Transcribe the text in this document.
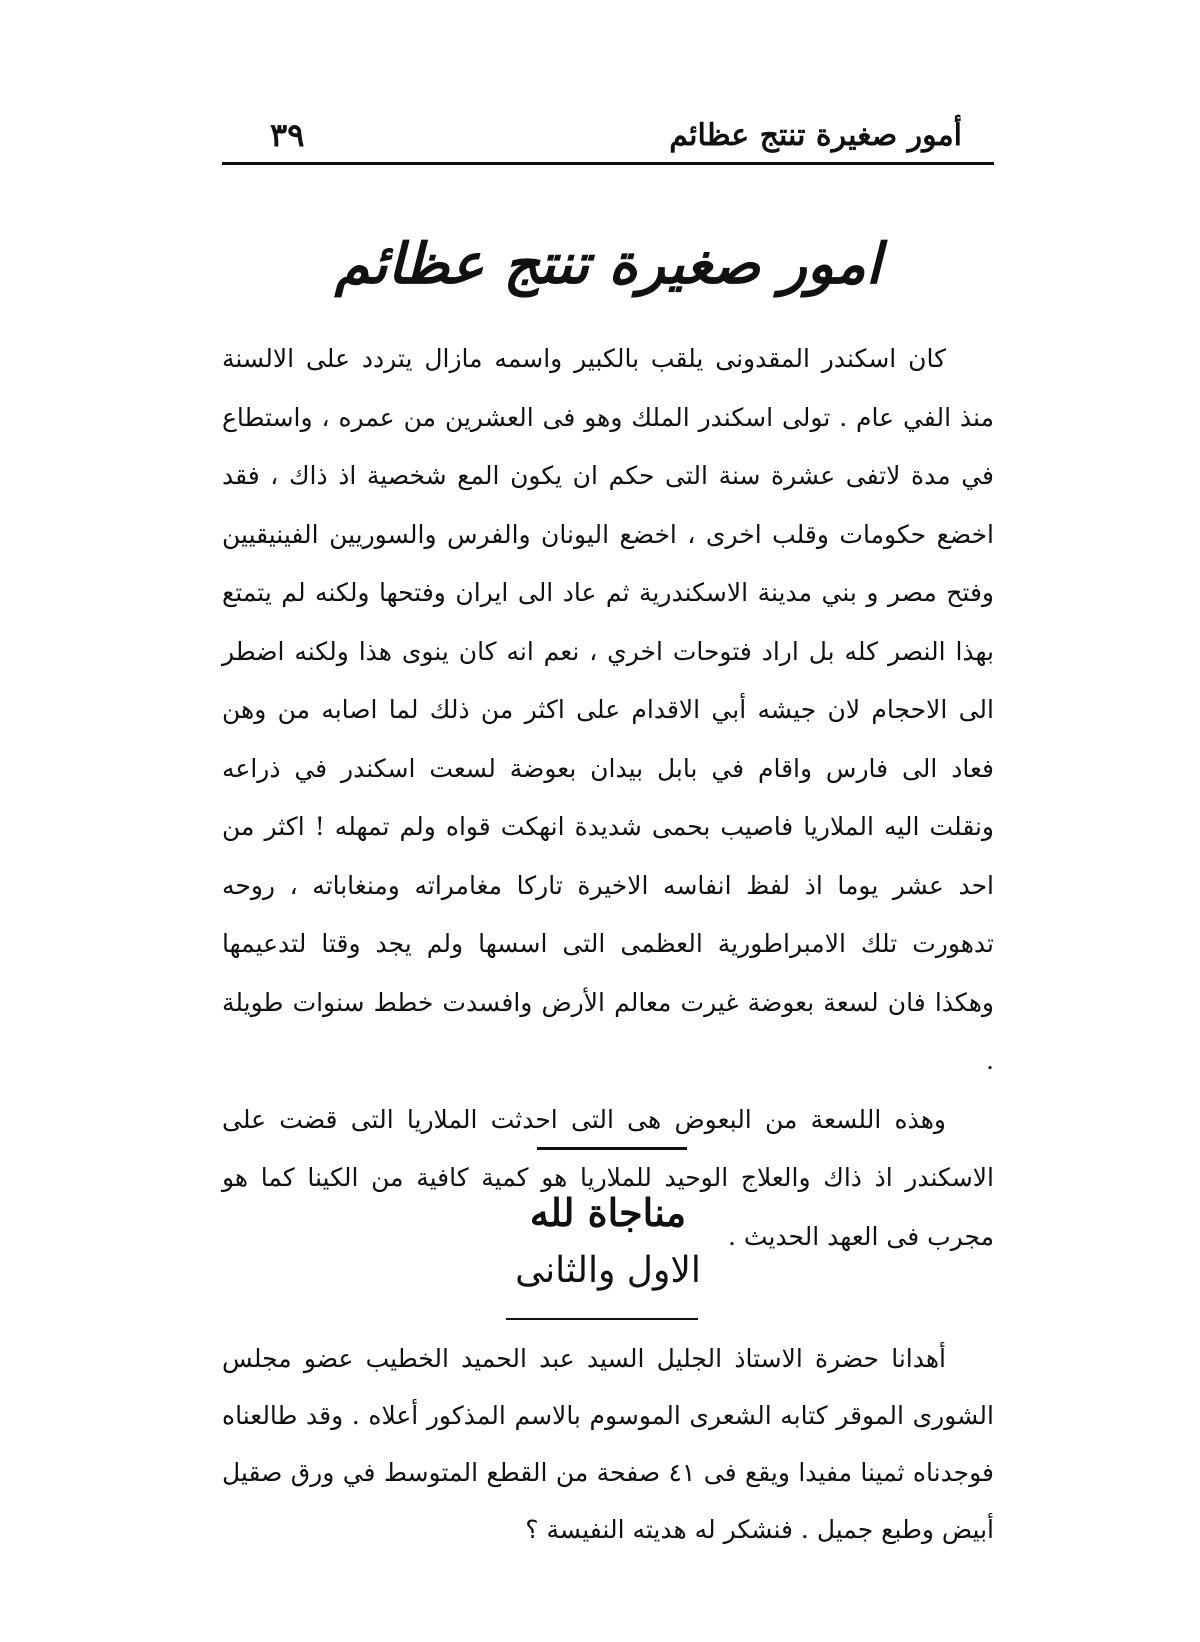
أمور صغيرة تنتج عظائم
٣٩
امور صغيرة تنتج عظائم

كان اسكندر المقدونى يلقب بالكبير واسمه مازال يتردد على الالسنة منذ الفي عام . تولى اسكندر الملك وهو فى العشرين من عمره ، واستطاع في مدة لاتفى عشرة سنة التى حكم ان يكون المع شخصية اذ ذاك ، فقد اخضع حكومات وقلب اخرى ، اخضع اليونان والفرس والسوريين الفينيقيين وفتح مصر و بني مدينة الاسكندرية ثم عاد الى ايران وفتحها ولكنه لم يتمتع بهذا النصر كله بل اراد فتوحات اخري ، نعم انه كان ينوى هذا ولكنه اضطر الى الاحجام لان جيشه أبي الاقدام على اكثر من ذلك لما اصابه من وهن فعاد الى فارس واقام في بابل بيدان بعوضة لسعت اسكندر في ذراعه ونقلت اليه الملاريا فاصيب بحمى شديدة انهكت قواه ولم تمهله ! اكثر من احد عشر يوما اذ لفظ انفاسه الاخيرة تاركا مغامراته ومنغاباته ، روحه تدهورت تلك الامبراطورية العظمى التى اسسها ولم يجد وقتا لتدعيمها وهكذا فان لسعة بعوضة غيرت معالم الأرض وافسدت خطط سنوات طويلة .

وهذه اللسعة من البعوض هى التى احدثت الملاريا التى قضت على الاسكندر اذ ذاك والعلاج الوحيد للملاريا هو كمية كافية من الكينا كما هو مجرب فى العهد الحديث .

مناجاة لله
الاول والثانى

أهدانا حضرة الاستاذ الجليل السيد عبد الحميد الخطيب عضو مجلس الشورى الموقر كتابه الشعرى الموسوم بالاسم المذكور أعلاه . وقد طالعناه فوجدناه ثمينا مفيدا ويقع فى ٤١ صفحة من القطع المتوسط في ورق صقيل أبيض وطبع جميل . فنشكر له هديته النفيسة ؟
